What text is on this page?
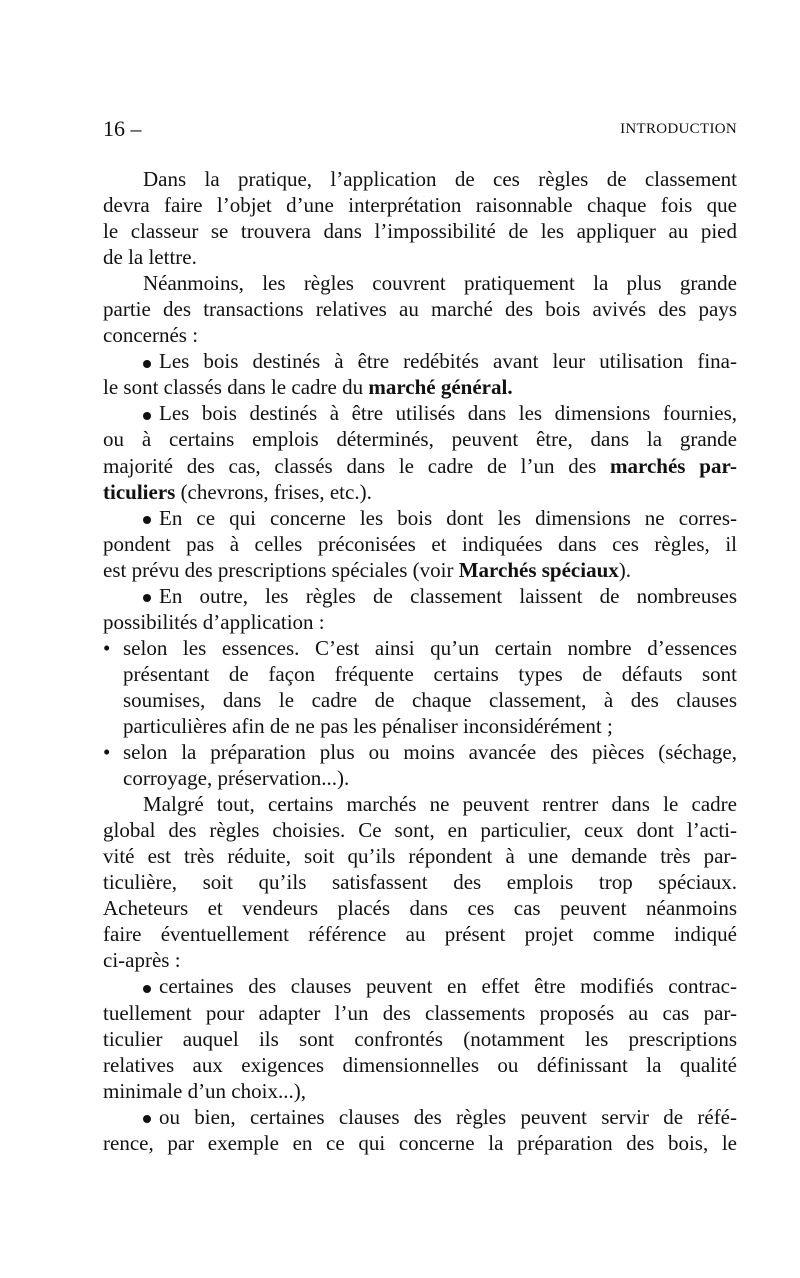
16 –	INTRODUCTION
Dans la pratique, l’application de ces règles de classement
devra faire l’objet d’une interprétation raisonnable chaque fois que
le classeur se trouvera dans l’impossibilité de les appliquer au pied
de la lettre.
Néanmoins, les règles couvrent pratiquement la plus grande
partie des transactions relatives au marché des bois avivés des pays
concernés :
Les bois destinés à être redébités avant leur utilisation fina-
le sont classés dans le cadre du marché général.
Les bois destinés à être utilisés dans les dimensions fournies,
ou à certains emplois déterminés, peuvent être, dans la grande
majorité des cas, classés dans le cadre de l’un des marchés par-
ticuliers (chevrons, frises, etc.).
En ce qui concerne les bois dont les dimensions ne corres-
pondent pas à celles préconisées et indiquées dans ces règles, il
est prévu des prescriptions spéciales (voir Marchés spéciaux).
En outre, les règles de classement laissent de nombreuses
possibilités d’application :
• selon les essences. C’est ainsi qu’un certain nombre d’essences
présentant de façon fréquente certains types de défauts sont
soumises, dans le cadre de chaque classement, à des clauses
particulières afin de ne pas les pénaliser inconsidérément ;
• selon la préparation plus ou moins avancée des pièces (séchage,
corroyage, préservation...).
Malgré tout, certains marchés ne peuvent rentrer dans le cadre
global des règles choisies. Ce sont, en particulier, ceux dont l’acti-
vité est très réduite, soit qu’ils répondent à une demande très par-
ticulière, soit qu’ils satisfassent des emplois trop spéciaux.
Acheteurs et vendeurs placés dans ces cas peuvent néanmoins
faire éventuellement référence au présent projet comme indiqué
ci-après :
certaines des clauses peuvent en effet être modifiés contrac-
tuellement pour adapter l’un des classements proposés au cas par-
ticulier auquel ils sont confrontés (notamment les prescriptions
relatives aux exigences dimensionnelles ou définissant la qualité
minimale d’un choix...),
ou bien, certaines clauses des règles peuvent servir de réfé-
rence, par exemple en ce qui concerne la préparation des bois, le
